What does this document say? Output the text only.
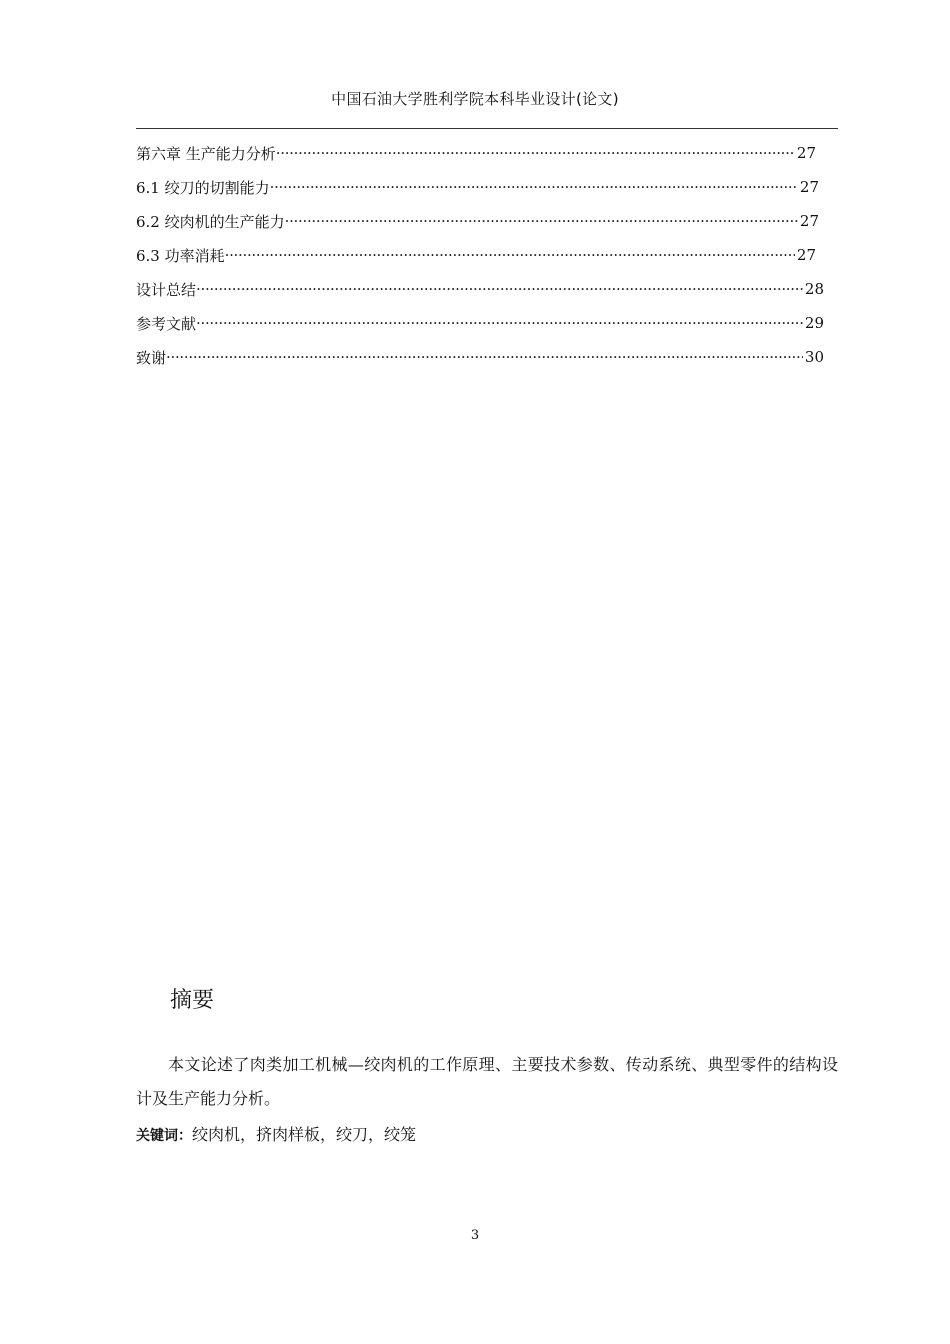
中国石油大学胜利学院本科毕业设计(论文)
第六章 生产能力分析 ·····	27
6.1 绞刀的切割能力 ·····	27
6.2 绞肉机的生产能力 ·····	27
6.3 功率消耗 ·····	27
设计总结 ·····	28
参考文献 ·····	29
致谢 ·····	30
摘要
本文论述了肉类加工机械—绞肉机的工作原理、主要技术参数、传动系统、典型零件的结构设计及生产能力分析。
关键词：绞肉机，挤肉样板，绞刀，绞笼
3
